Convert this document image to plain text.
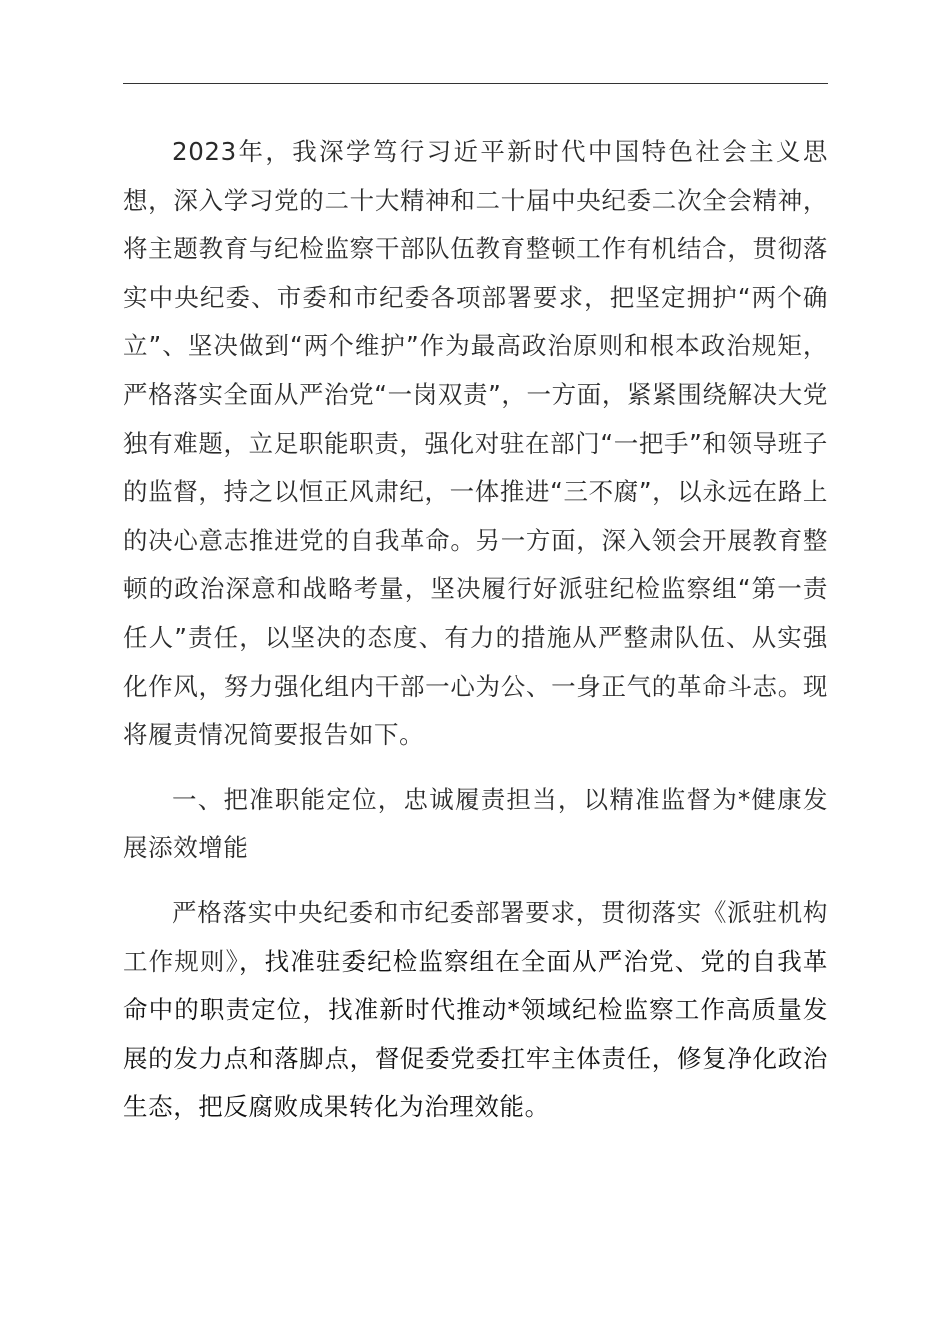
2023年，我深学笃行习近平新时代中国特色社会主义思想，深入学习党的二十大精神和二十届中央纪委二次全会精神，将主题教育与纪检监察干部队伍教育整顿工作有机结合，贯彻落实中央纪委、市委和市纪委各项部署要求，把坚定拥护“两个确立”、坚决做到“两个维护”作为最高政治原则和根本政治规矩，严格落实全面从严治党“一岗双责”，一方面，紧紧围绕解决大党独有难题，立足职能职责，强化对驻在部门“一把手”和领导班子的监督，持之以恒正风肃纪，一体推进“三不腐”，以永远在路上的决心意志推进党的自我革命。另一方面，深入领会开展教育整顿的政治深意和战略考量，坚决履行好派驻纪检监察组“第一责任人”责任，以坚决的态度、有力的措施从严整肃队伍、从实强化作风，努力强化组内干部一心为公、一身正气的革命斗志。现将履责情况简要报告如下。

一、把准职能定位，忠诚履责担当，以精准监督为*健康发展添效增能

严格落实中央纪委和市纪委部署要求，贯彻落实《派驻机构工作规则》，找准驻委纪检监察组在全面从严治党、党的自我革命中的职责定位，找准新时代推动*领域纪检监察工作高质量发展的发力点和落脚点，督促委党委扛牢主体责任，修复净化政治生态，把反腐败成果转化为治理效能。
